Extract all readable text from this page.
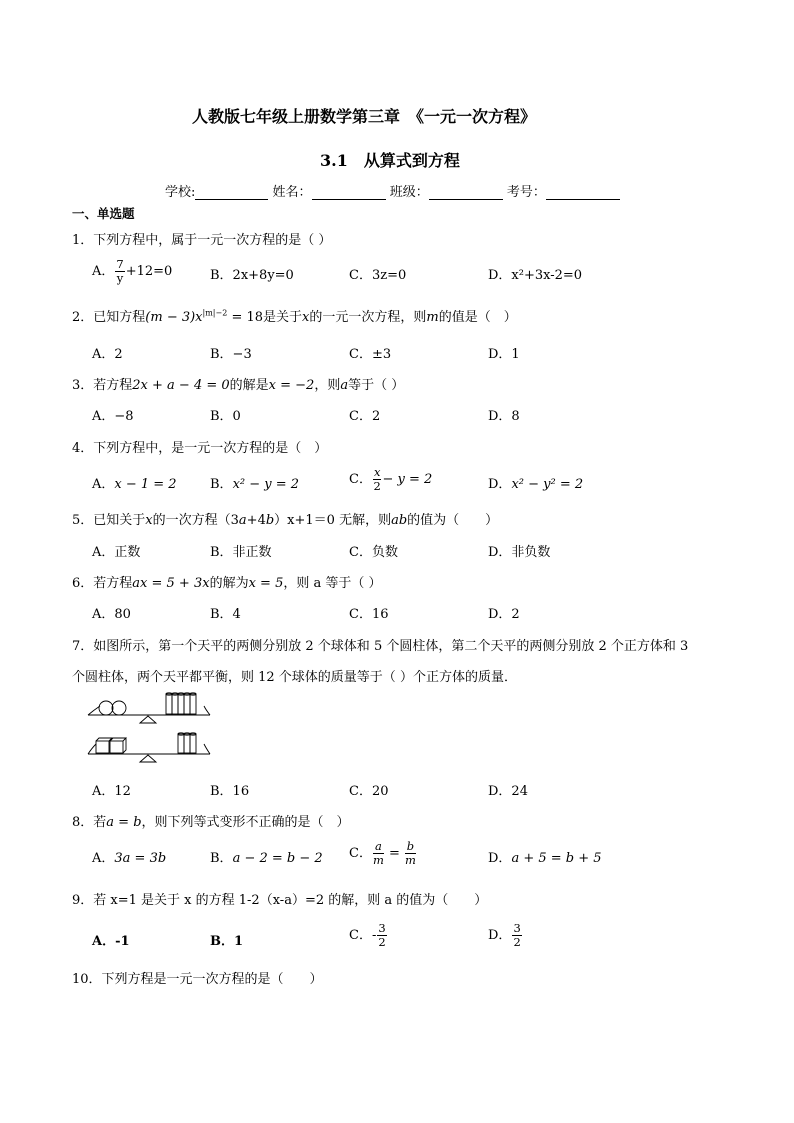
人教版七年级上册数学第三章　《一元一次方程》
3.1　从算式到方程
学校:	姓名：	班级：	考号：
一、单选题
1．下列方程中，属于一元一次方程的是（ ）
A． $\frac{7}{y} +12=0$	B．2x+8y=0	C．3z=0	D．x²+3x-2=0
2．已知方程$(m - 3)x^{|m|-2} = 18$是关于x的一元一次方程，则m的值是（　）
A．2	B．−3	C．±3	D．1
3．若方程2x + a − 4 = 0的解是x = −2，则a等于（ ）
A．−8	B．0	C．2	D．8
4．下列方程中，是一元一次方程的是（　）
A．x − 1 = 2	B．x² − y = 2	C． $\frac{x}{2} - y = 2$	D．x² − y² = 2
5．已知关于x的一次方程（3a+4b）x+1＝0 无解，则ab的值为（　　）
A．正数	B．非正数	C．负数	D．非负数
6．若方程ax = 5 + 3x的解为x = 5，则 a 等于（ ）
A．80	B．4	C．16	D．2
7．如图所示，第一个天平的两侧分别放 2 个球体和 5 个圆柱体，第二个天平的两侧分别放 2 个正方体和 3
个圆柱体，两个天平都平衡，则 12 个球体的质量等于（ ）个正方体的质量．
A．12	B．16	C．20	D．24
8．若a = b，则下列等式变形不正确的是（　）
A．3a = 3b	B．a − 2 = b − 2 C． $\frac{a}{m} = \frac{b}{m}$	D．a + 5 = b + 5
9．若 x=1 是关于 x 的方程 1-2（x-a）=2 的解，则 a 的值为（　　）
A．-1	B．1	C．- $\frac{3}{2}$	D． $\frac{3}{2}$
10．下列方程是一元一次方程的是（　　）
